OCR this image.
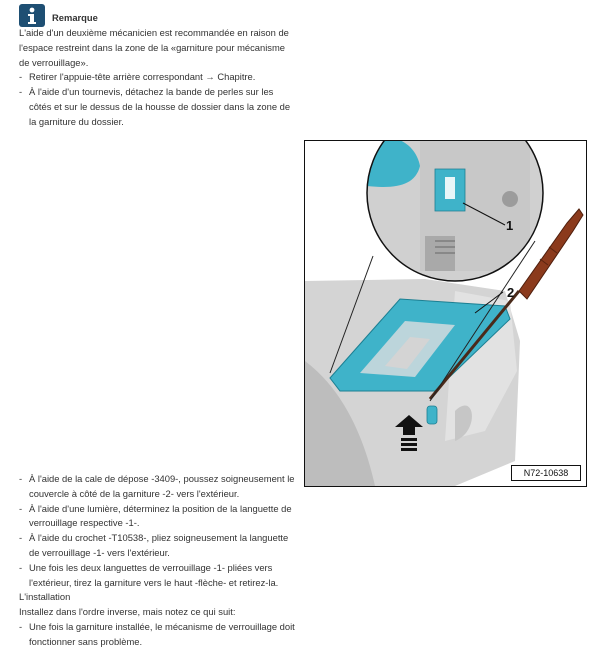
Remarque

L'aide d'un deuxième mécanicien est recommandée en raison de l'espace restreint dans la zone de la «garniture pour mécanisme de verrouillage».

- Retirer l'appuie-tête arrière correspondant → Chapitre.
- À l'aide d'un tournevis, détachez la bande de perles sur les côtés et sur le dessus de la housse de dossier dans la zone de la garniture du dossier.
1
2
N72-10638
- À l'aide de la cale de dépose -3409-, poussez soigneusement le couvercle à côté de la garniture -2- vers l'extérieur.
- À l'aide d'une lumière, déterminez la position de la languette de verrouillage respective -1-.
- À l'aide du crochet -T10538-, pliez soigneusement la languette de verrouillage -1- vers l'extérieur.
- Une fois les deux languettes de verrouillage -1- pliées vers l'extérieur, tirez la garniture vers le haut -flèche- et retirez-la.

L'installation

Installez dans l'ordre inverse, mais notez ce qui suit:

- Une fois la garniture installée, le mécanisme de verrouillage doit fonctionner sans problème.
